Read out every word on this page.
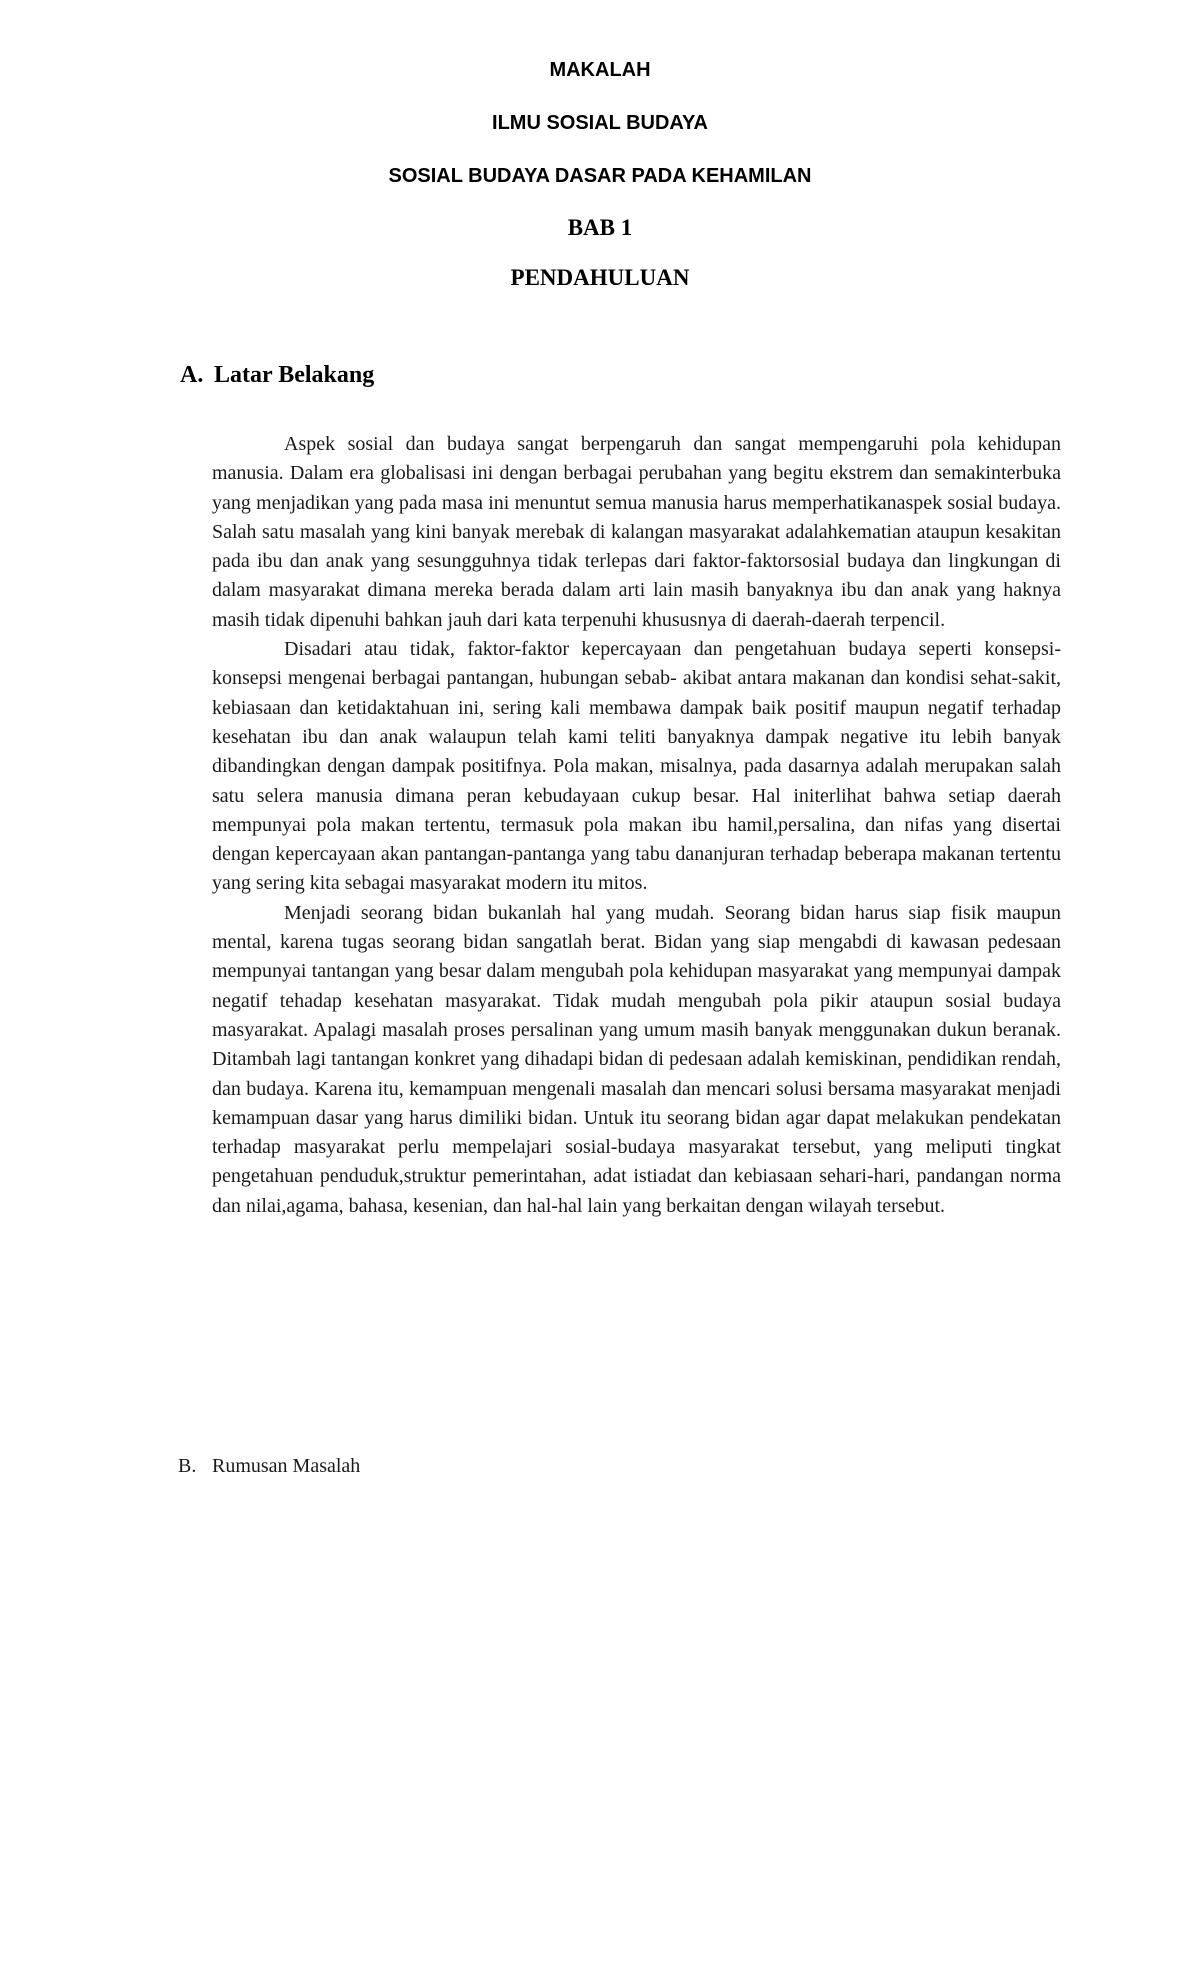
MAKALAH
ILMU SOSIAL BUDAYA
SOSIAL BUDAYA DASAR PADA KEHAMILAN
BAB 1
PENDAHULUAN
A. Latar Belakang

Aspek sosial dan budaya sangat berpengaruh dan sangat mempengaruhi pola kehidupan manusia. Dalam era globalisasi ini dengan berbagai perubahan yang begitu ekstrem dan semakinterbuka yang menjadikan yang pada masa ini menuntut semua manusia harus memperhatikanaspek sosial budaya. Salah satu masalah yang kini banyak merebak di kalangan masyarakat adalahkematian ataupun kesakitan pada ibu dan anak yang sesungguhnya tidak terlepas dari faktor-faktorsosial budaya dan lingkungan di dalam masyarakat dimana mereka berada dalam arti lain masih banyaknya ibu dan anak yang haknya masih tidak dipenuhi bahkan jauh dari kata terpenuhi khususnya di daerah-daerah terpencil.

Disadari atau tidak, faktor-faktor kepercayaan dan pengetahuan budaya seperti konsepsi-konsepsi mengenai berbagai pantangan, hubungan sebab- akibat antara makanan dan kondisi sehat-sakit, kebiasaan dan ketidaktahuan ini, sering kali membawa dampak baik positif maupun negatif terhadap kesehatan ibu dan anak walaupun telah kami teliti banyaknya dampak negative itu lebih banyak dibandingkan dengan dampak positifnya. Pola makan, misalnya, pada dasarnya adalah merupakan salah satu selera manusia dimana peran kebudayaan cukup besar. Hal initerlihat bahwa setiap daerah mempunyai pola makan tertentu, termasuk pola makan ibu hamil,persalina, dan nifas yang disertai dengan kepercayaan akan pantangan-pantanga yang tabu dananjuran terhadap beberapa makanan tertentu yang sering kita sebagai masyarakat modern itu mitos.

Menjadi seorang bidan bukanlah hal yang mudah. Seorang bidan harus siap fisik maupun mental, karena tugas seorang bidan sangatlah berat. Bidan yang siap mengabdi di kawasan pedesaan mempunyai tantangan yang besar dalam mengubah pola kehidupan masyarakat yang mempunyai dampak negatif tehadap kesehatan masyarakat. Tidak mudah mengubah pola pikir ataupun sosial budaya masyarakat. Apalagi masalah proses persalinan yang umum masih banyak menggunakan dukun beranak. Ditambah lagi tantangan konkret yang dihadapi bidan di pedesaan adalah kemiskinan, pendidikan rendah, dan budaya. Karena itu, kemampuan mengenali masalah dan mencari solusi bersama masyarakat menjadi kemampuan dasar yang harus dimiliki bidan. Untuk itu seorang bidan agar dapat melakukan pendekatan terhadap masyarakat perlu mempelajari sosial-budaya masyarakat tersebut, yang meliputi tingkat pengetahuan penduduk,struktur pemerintahan, adat istiadat dan kebiasaan sehari-hari, pandangan norma dan nilai,agama, bahasa, kesenian, dan hal-hal lain yang berkaitan dengan wilayah tersebut.

B. Rumusan Masalah
